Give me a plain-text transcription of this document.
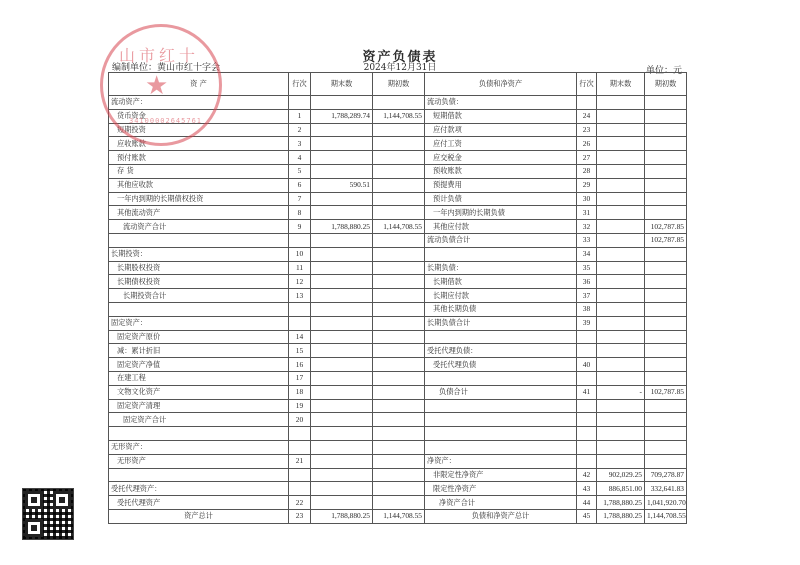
资产负债表
编制单位：黄山市红十字会	2024年12月31日	单位：元
资 产	行次	期末数	期初数	负债和净资产	行次	期末数	期初数
流动资产：				流动负债：			
货币资金	1	1,788,289.74	1,144,708.55	短期借款	24		
短期投资	2			应付款项	23		
应收账款	3			应付工资	26		
预付账款	4			应交税金	27		
存 货	5			预收账款	28		
其他应收款	6	590.51		预提费用	29		
一年内到期的长期债权投资	7			预计负债	30		
其他流动资产	8			一年内到期的长期负债	31		
流动资产合计	9	1,788,880.25	1,144,708.55	其他应付款	32		102,787.85
				流动负债合计	33		102,787.85
长期投资：	10				34		
长期股权投资	11			长期负债：	35		
长期债权投资	12			长期借款	36		
长期投资合计	13			长期应付款	37		
				其他长期负债	38		
固定资产：				长期负债合计	39		
固定资产原价	14						
减：累计折旧	15			受托代理负债：			
固定资产净值	16			受托代理负债	40		
在建工程	17						
文物文化资产	18			负债合计	41	-	102,787.85
固定资产清理	19						
固定资产合计	20						

无形资产：							
无形资产	21			净资产：			
				非限定性净资产	42	902,029.25	709,278.87
受托代理资产：				限定性净资产	43	886,851.00	332,641.83
受托代理资产	22			净资产合计	44	1,788,880.25	1,041,920.70
资产总计	23	1,788,880.25	1,144,708.55	负债和净资产总计	45	1,788,880.25	1,144,708.55
山市红十
★
34100002645761
